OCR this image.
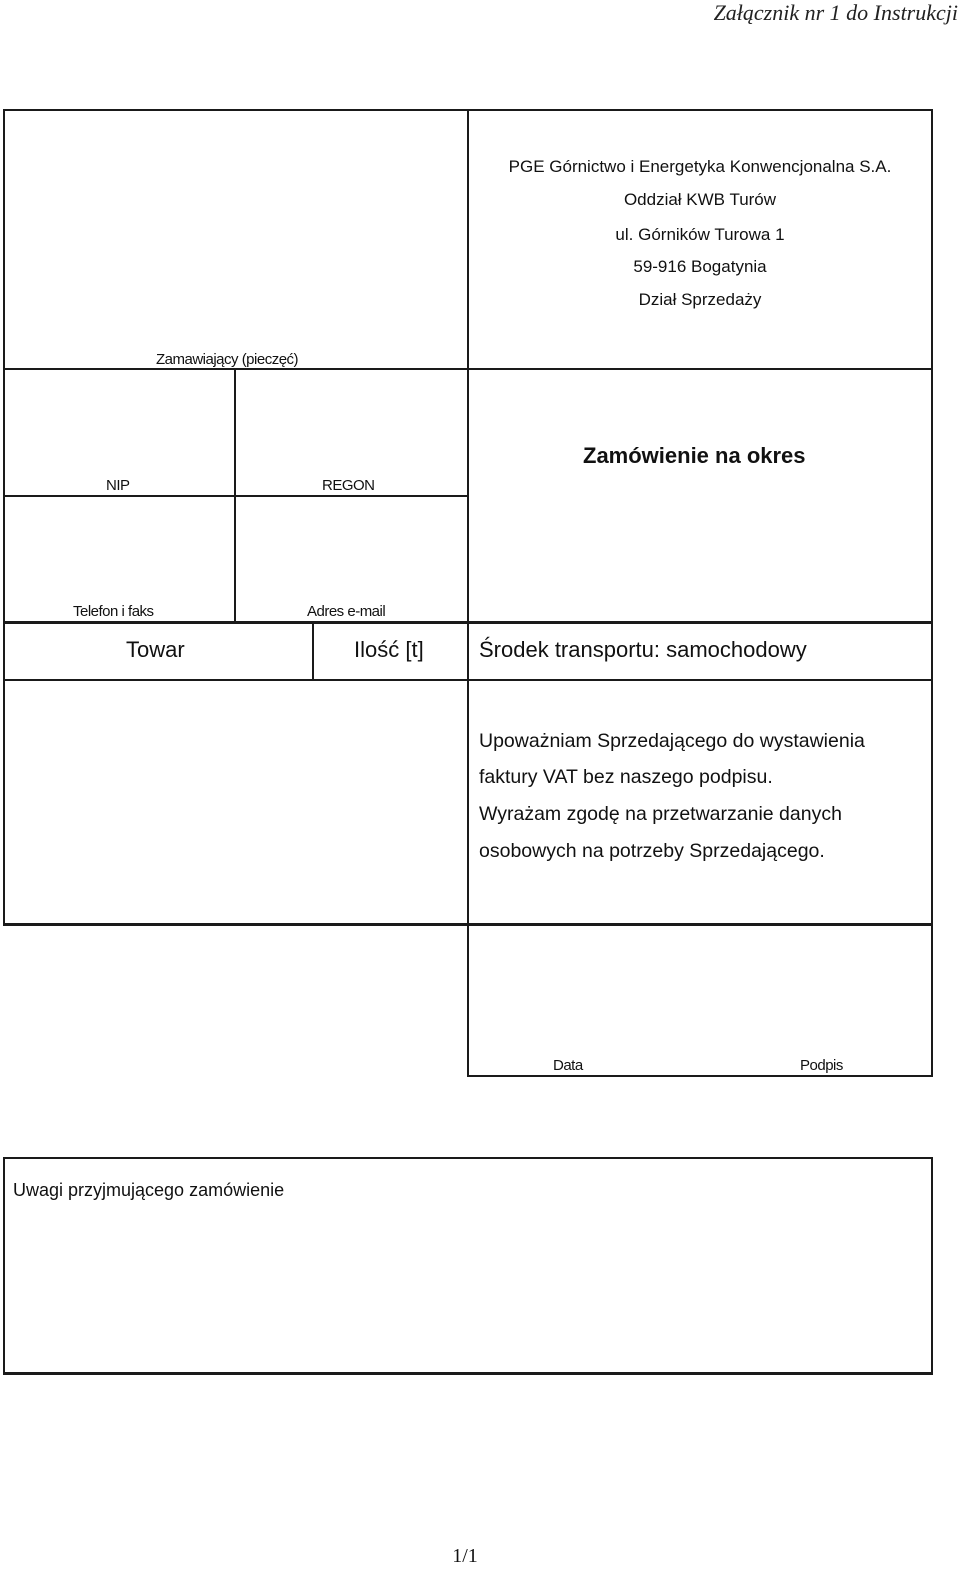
Załącznik nr 1 do Instrukcji
PGE Górnictwo i Energetyka Konwencjonalna S.A.
Oddział KWB Turów
ul. Górników Turowa 1
59-916 Bogatynia
Dział Sprzedaży
Zamawiający (pieczęć)
NIP	REGON
Telefon i faks	Adres e-mail
Zamówienie na okres
Towar	Ilość [t]	Środek transportu: samochodowy
Upoważniam Sprzedającego do wystawienia
faktury VAT bez naszego podpisu.
Wyrażam zgodę na przetwarzanie danych
osobowych na potrzeby Sprzedającego.
Data	Podpis
Uwagi przyjmującego zamówienie
1/1
